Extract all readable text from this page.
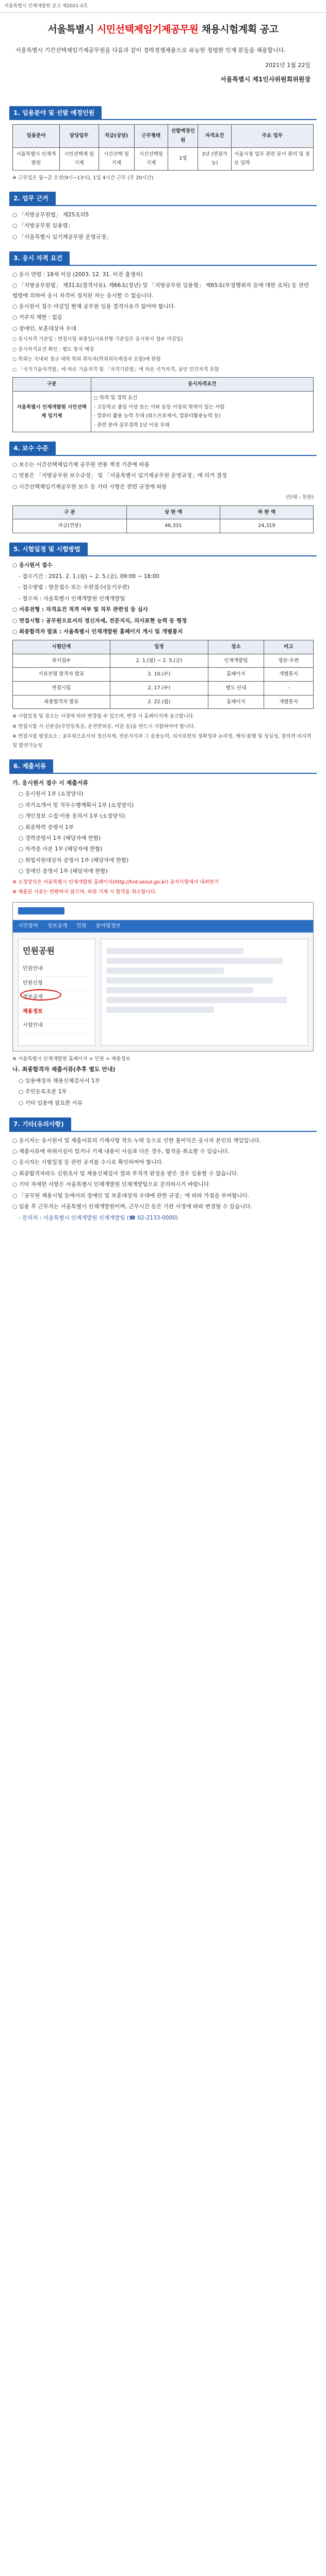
서울특별시 인재개발원 공고 제2021-0호
서울특별시 시민선택제임기제공무원 채용시험계획 공고

서울특별시 기간선택제임기제공무원을 다음과 같이 경력경쟁채용으로 유능한 청렴한 인재 분들을 채용합니다.

2021년 1월 22일
서울특별시 제1인사위원회위원장
1. 임용분야 및 선발 예정인원
임용분야	담당업무	직급(상당)	근무형태	선발예정인원	자격요건	주요 업무
서울특별시 인재개발원	시민선택제 임기제	시간선택 임기제	시간선택임기제	1명	3년 (연장가능)	서울시청 업무 관련 문서 관리 및 정보 입력

※ 근무일은 월~금 오전(9시~13시), 1일 4시간 근무 (주 20시간)

2. 업무 근거

○ 「지방공무원법」 제25조의5

○ 「지방공무원 임용령」

○ 「서울특별시 임기제공무원 운영규정」

3. 응시 자격 요건

○ 응시 연령 : 18세 이상 (2003. 12. 31. 이전 출생자)

○ 「지방공무원법」 제31조(결격사유), 제66조(정년) 및 「지방공무원 임용령」 제65조(부정행위자 등에 대한 조치) 등 관련 법령에 의하여 응시 자격이 정지된 자는 응시할 수 없습니다.

○ 응시원서 접수 마감일 현재 공무원 임용 결격사유가 없어야 합니다.

○ 거주지 제한 : 없음

○ 장애인, 보훈대상자 우대

○ 응시자격 기준일 : 면접시험 최종일(서류전형 기준일은 응시원서 접수 마감일)

○ 응시자격요건 확인 : 별도 통지 예정

○ 학위는 국내외 정규 대학 학위 취득자(학위취득예정자 포함)에 한함

○ 「국가기술자격법」에 따른 기술자격 및 「자격기본법」에 따른 국가자격, 공인 민간자격 포함

구분	응시자격요건
서울특별시 인재개발원 시민선택제 임기제	○ 학력 및 경력 요건
- 고등학교 졸업 이상 또는 이와 동등 이상의 학력이 있는 사람
- 컴퓨터 활용 능력 우대 (워드프로세서, 컴퓨터활용능력 등)
- 관련 분야 실무경력 1년 이상 우대
4. 보수 수준

○ 보수는 시간선택제임기제 공무원 연봉 책정 기준에 따름

○ 연봉은 「지방공무원 보수규정」 및 「서울특별시 임기제공무원 운영규정」에 의거 결정

○ 시간선택제임기제공무원 보수 등 기타 사항은 관련 규정에 따름

(단위 : 천원)

구 분	상 한 액	하 한 액
라급(연봉)	46,331	24,319
5. 시험일정 및 시험방법

○ 응시원서 접수

- 접수기간 : 2021. 2. 1.(월) ~ 2. 5.(금), 09:00 ~ 18:00

- 접수방법 : 방문접수 또는 우편접수(등기우편)

- 접수처 : 서울특별시 인재개발원 인재개발팀

○ 서류전형 : 자격요건 적격 여부 및 직무 관련성 등 심사

○ 면접시험 : 공무원으로서의 정신자세, 전문지식, 의사표현 능력 등 평정

○ 최종합격자 발표 : 서울특별시 인재개발원 홈페이지 게시 및 개별통지

시험단계	일정	장소	비고
원서접수	2. 1.(월) ~ 2. 5.(금)	인재개발팀	방문·우편
서류전형 합격자 발표	2. 10.(수)	홈페이지	개별통지
면접시험	2. 17.(수)	별도 안내	-
최종합격자 발표	2. 22.(월)	홈페이지	개별통지

※ 시험일정 및 장소는 사정에 따라 변경될 수 있으며, 변경 시 홈페이지에 공고합니다.

※ 면접시험 시 신분증(주민등록증, 운전면허증, 여권 등)을 반드시 지참하여야 합니다.

※ 면접시험 평정요소 : 공무원으로서의 정신자세, 전문지식과 그 응용능력, 의사표현의 정확성과 논리성, 예의·품행 및 성실성, 창의력·의지력 및 발전가능성

6. 제출서류

가. 응시원서 접수 시 제출서류

○ 응시원서 1부 (소정양식)

○ 자기소개서 및 직무수행계획서 1부 (소정양식)

○ 개인정보 수집·이용 동의서 1부 (소정양식)

○ 최종학력 증명서 1부

○ 경력증명서 1부 (해당자에 한함)

○ 자격증 사본 1부 (해당자에 한함)

○ 취업지원대상자 증명서 1부 (해당자에 한함)

○ 장애인 증명서 1부 (해당자에 한함)

※ 소정양식은 서울특별시 인재개발원 홈페이지(http://hrd.seoul.go.kr) 공지사항에서 내려받기

※ 제출된 서류는 반환하지 않으며, 허위 기재 시 합격을 취소합니다.

시민참여 정보공개 민원 분야별정보
민원공원
민원안내
민원신청
정보공개
채용정보
시험안내

※ 서울특별시 인재개발원 홈페이지 > 민원 > 채용정보

나. 최종합격자 제출서류(추후 별도 안내)

○ 임용예정자 채용신체검사서 1부

○ 주민등록초본 1부

○ 기타 임용에 필요한 서류

7. 기타(유의사항)

○ 응시자는 응시원서 및 제출서류의 기재사항 착오·누락 등으로 인한 불이익은 응시자 본인의 책임입니다.

○ 제출서류에 허위사실이 있거나 기재 내용이 사실과 다른 경우, 합격을 취소할 수 있습니다.

○ 응시자는 시험일정 등 관련 공지를 수시로 확인하여야 합니다.

○ 최종합격자라도 신원조사 및 채용신체검사 결과 부적격 판정을 받은 경우 임용할 수 없습니다.

○ 기타 자세한 사항은 서울특별시 인재개발원 인재개발팀으로 문의하시기 바랍니다.

○ 「공무원 채용시험 등에서의 장애인 및 보훈대상자 우대에 관한 규정」에 따라 가점을 부여합니다.

○ 임용 후 근무지는 서울특별시 인재개발원이며, 근무시간 등은 기관 사정에 따라 변경될 수 있습니다.

- 문의처 : 서울특별시 인재개발원 인재개발팀 (☎ 02-2133-0000)
